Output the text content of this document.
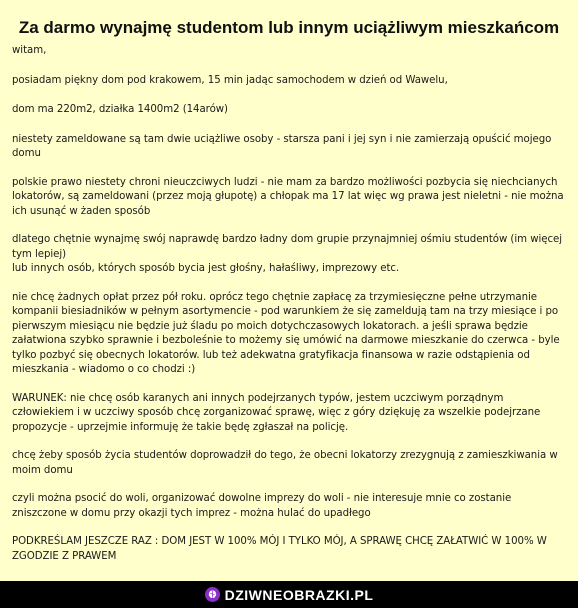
Za darmo wynajmę studentom lub innym uciążliwym mieszkańcom

witam,

posiadam piękny dom pod krakowem, 15 min jadąc samochodem w dzień od Wawelu,

dom ma 220m2, działka 1400m2 (14arów)

niestety zameldowane są tam dwie uciążliwe osoby - starsza pani i jej syn i nie zamierzają opuścić mojego domu

polskie prawo niestety chroni nieuczciwych ludzi - nie mam za bardzo możliwości pozbycia się niechcianych lokatorów, są zameldowani (przez moją głupotę) a chłopak ma 17 lat więc wg prawa jest nieletni - nie można ich usunąć w żaden sposób

dlatego chętnie wynajmę swój naprawdę bardzo ładny dom grupie przynajmniej ośmiu studentów (im więcej tym lepiej)
lub innych osób, których sposób bycia jest głośny, hałaśliwy, imprezowy etc.

nie chcę żadnych opłat przez pół roku. oprócz tego chętnie zapłacę za trzymiesięczne pełne utrzymanie kompanii biesiadników w pełnym asortymencie - pod warunkiem że się zameldują tam na trzy miesiące i po pierwszym miesiącu nie będzie już śladu po moich dotychczasowych lokatorach. a jeśli sprawa będzie załatwiona szybko sprawnie i bezboleśnie to możemy się umówić na darmowe mieszkanie do czerwca - byle tylko pozbyć się obecnych lokatorów. lub też adekwatna gratyfikacja finansowa w razie odstąpienia od mieszkania - wiadomo o co chodzi :)

WARUNEK: nie chcę osób karanych ani innych podejrzanych typów, jestem uczciwym porządnym człowiekiem i w uczciwy sposób chcę zorganizować sprawę, więc z góry dziękuję za wszelkie podejrzane propozycje - uprzejmie informuję że takie będę zgłaszał na policję.

chcę żeby sposób życia studentów doprowadził do tego, że obecni lokatorzy zrezygnują z zamieszkiwania w moim domu

czyli można psocić do woli, organizować dowolne imprezy do woli - nie interesuje mnie co zostanie zniszczone w domu przy okazji tych imprez - można hulać do upadłego

PODKREŚLAM JESZCZE RAZ : DOM JEST W 100% MÓJ I TYLKO MÓJ, A SPRAWĘ CHCĘ ZAŁATWIĆ W 100% W ZGODZIE Z PRAWEM

DZIWNEOBRAZKI.PL
